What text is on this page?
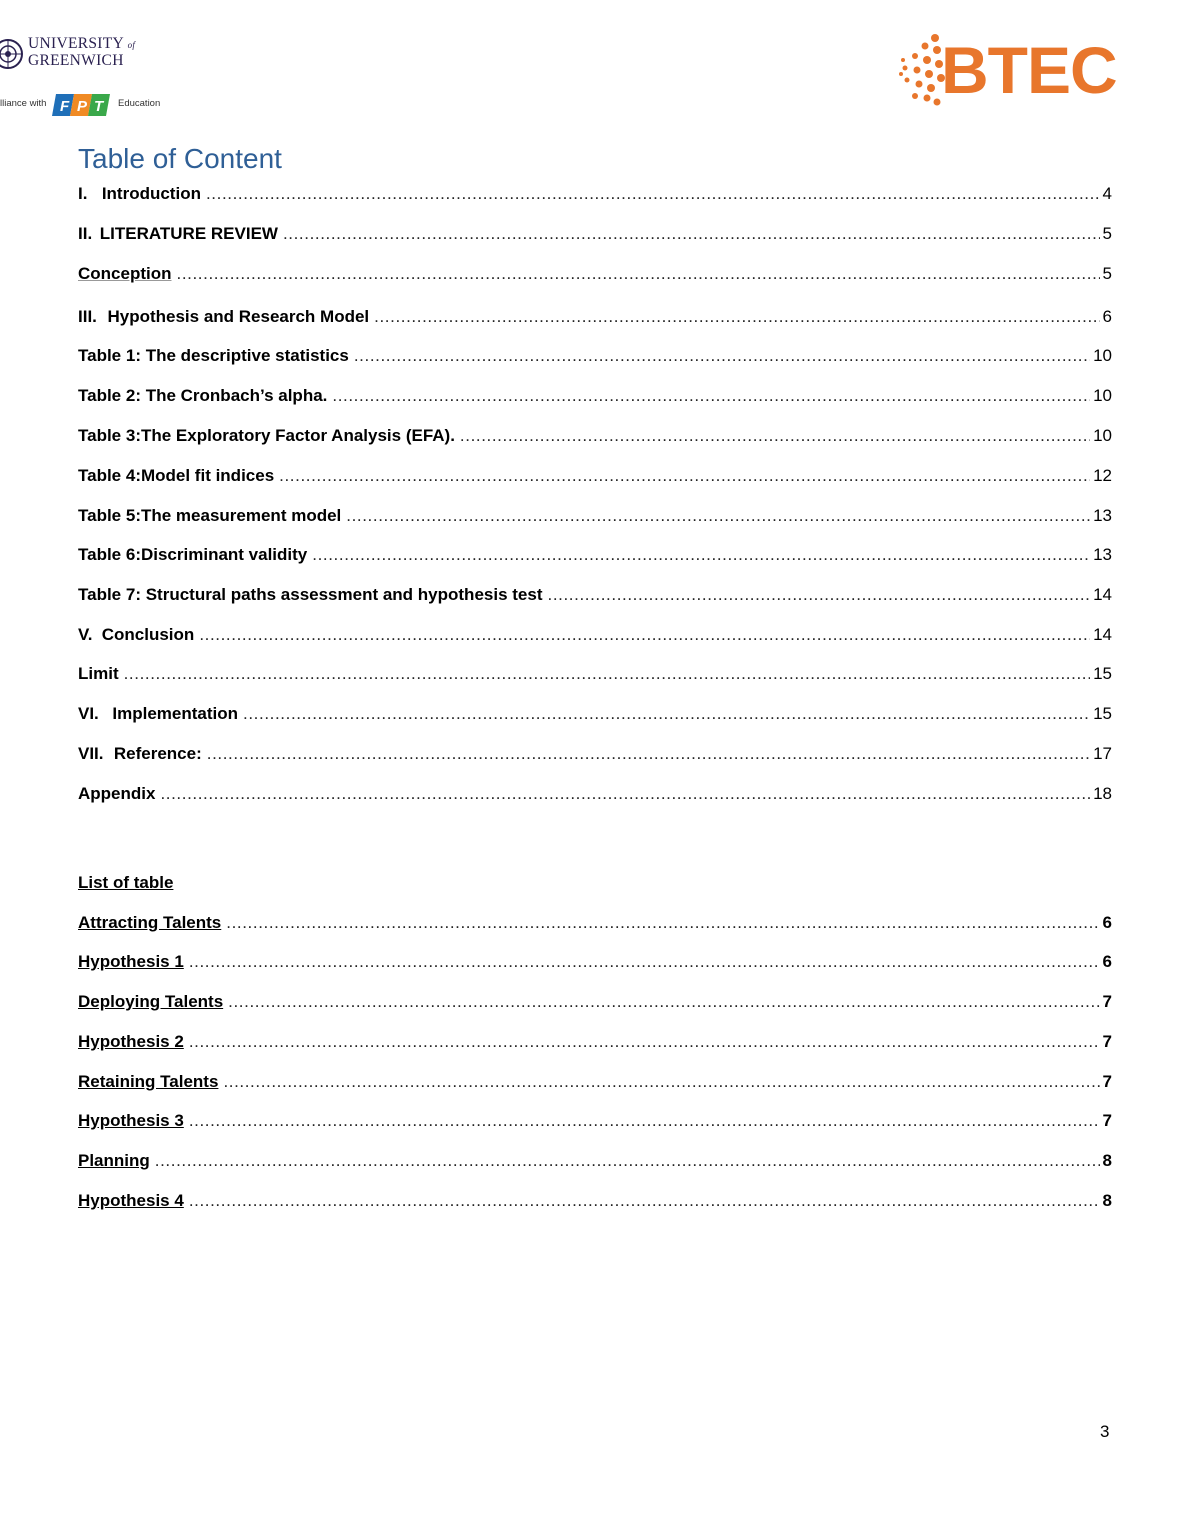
UNIVERSITY of
GREENWICH
lliance with F P T Education	BTEC
Table of Content
I. Introduction .....	4
II. LITERATURE REVIEW .....	5
Conception .....	5
III. Hypothesis and Research Model .....	6
Table 1: The descriptive statistics .....	10
Table 2: The Cronbach’s alpha. .....	10
Table 3:The Exploratory Factor Analysis (EFA). .....	10
Table 4:Model fit indices .....	12
Table 5:The measurement model .....	13
Table 6:Discriminant validity .....	13
Table 7: Structural paths assessment and hypothesis test .....	14
V. Conclusion .....	14
Limit .....	15
VI. Implementation .....	15
VII. Reference: .....	17
Appendix .....	18
List of table
Attracting Talents .....	6
Hypothesis 1 .....	6
Deploying Talents .....	7
Hypothesis 2 .....	7
Retaining Talents .....	7
Hypothesis 3 .....	7
Planning .....	8
Hypothesis 4 .....	8
3
